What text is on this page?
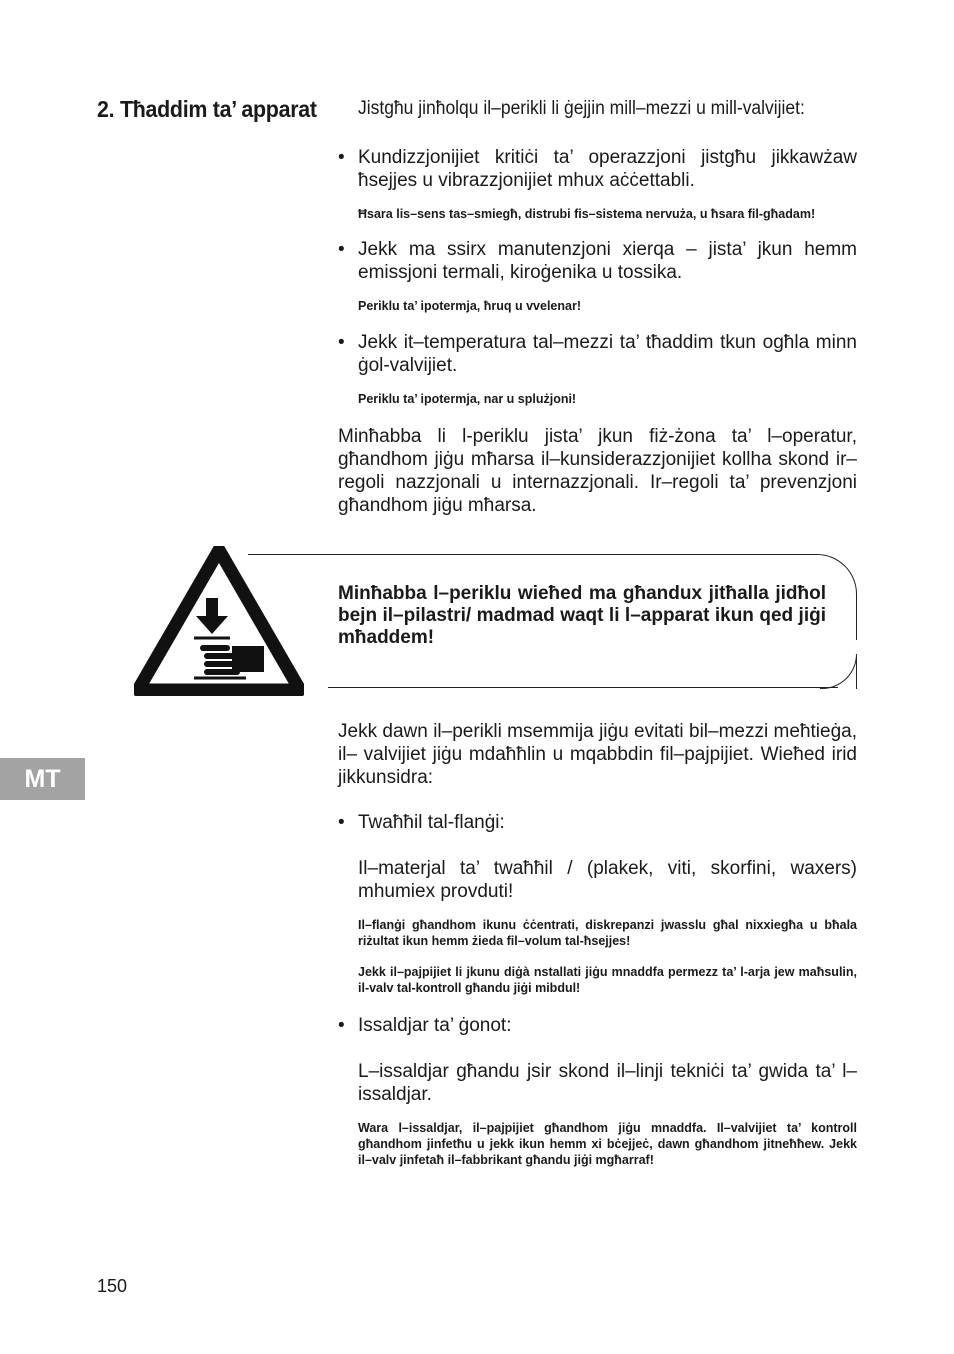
2. Tħaddim ta’ apparat Jistgħu jinħolqu il–perikli li ġejjin mill–mezzi u mill-valvijiet:
• Kundizzjonijiet kritiċi ta’ operazzjoni jistgħu jikkawżaw ħsejjes u vibrazzjonijiet mhux aċċettabli.
Ħsara lis–sens tas–smiegħ, distrubi fis–sistema nervuża, u ħsara fil-għadam!
• Jekk ma ssirx manutenzjoni xierqa – jista’ jkun hemm emissjoni termali, kiroġenika u tossika.
Periklu ta’ ipotermja, ħruq u vvelenar!
• Jekk it–temperatura tal–mezzi ta’ tħaddim tkun ogħla minn ġol-valvijiet.
Periklu ta’ ipotermja, nar u splużjoni!
Minħabba li l-periklu jista’ jkun fiż-żona ta’ l–operatur, għandhom jiġu mħarsa il–kunsiderazzjonijiet kollha skond ir–regoli nazzjonali u internazzjonali. Ir–regoli ta’ prevenzjoni għandhom jiġu mħarsa.
Minħabba l–periklu wieħed ma għandux jitħalla jidħol bejn il–pilastri/ madmad waqt li l–apparat ikun qed jiġi mħaddem!
Jekk dawn il–perikli msemmija jiġu evitati bil–mezzi meħtieġa, il– valvijiet jiġu mdaħħlin u mqabbdin fil–pajpijiet. Wieħed irid jikkunsidra:
MT
• Twaħħil tal-flanġi:
Il–materjal ta’ twaħħil / (plakek, viti, skorfini, waxers) mhumiex provduti!
Il–flanġi għandhom ikunu ċċentrati, diskrepanzi jwasslu għal nixxiegħa u bħala riżultat ikun hemm żieda fil–volum tal-ħsejjes!
Jekk il–pajpijiet li jkunu diġà nstallati jiġu mnaddfa permezz ta’ l-arja jew maħsulin, il-valv tal-kontroll għandu jiġi mibdul!
• Issaldjar ta’ ġonot:
L–issaldjar għandu jsir skond il–linji tekniċi ta’ gwida ta’ l–issaldjar.
Wara l–issaldjar, il–pajpijiet għandhom jiġu mnaddfa. Il–valvijiet ta’ kontroll għandhom jinfetħu u jekk ikun hemm xi bċejjeċ, dawn għandhom jitneħħew. Jekk il–valv jinfetaħ il–fabbrikant għandu jiġi mgħarraf!
150
